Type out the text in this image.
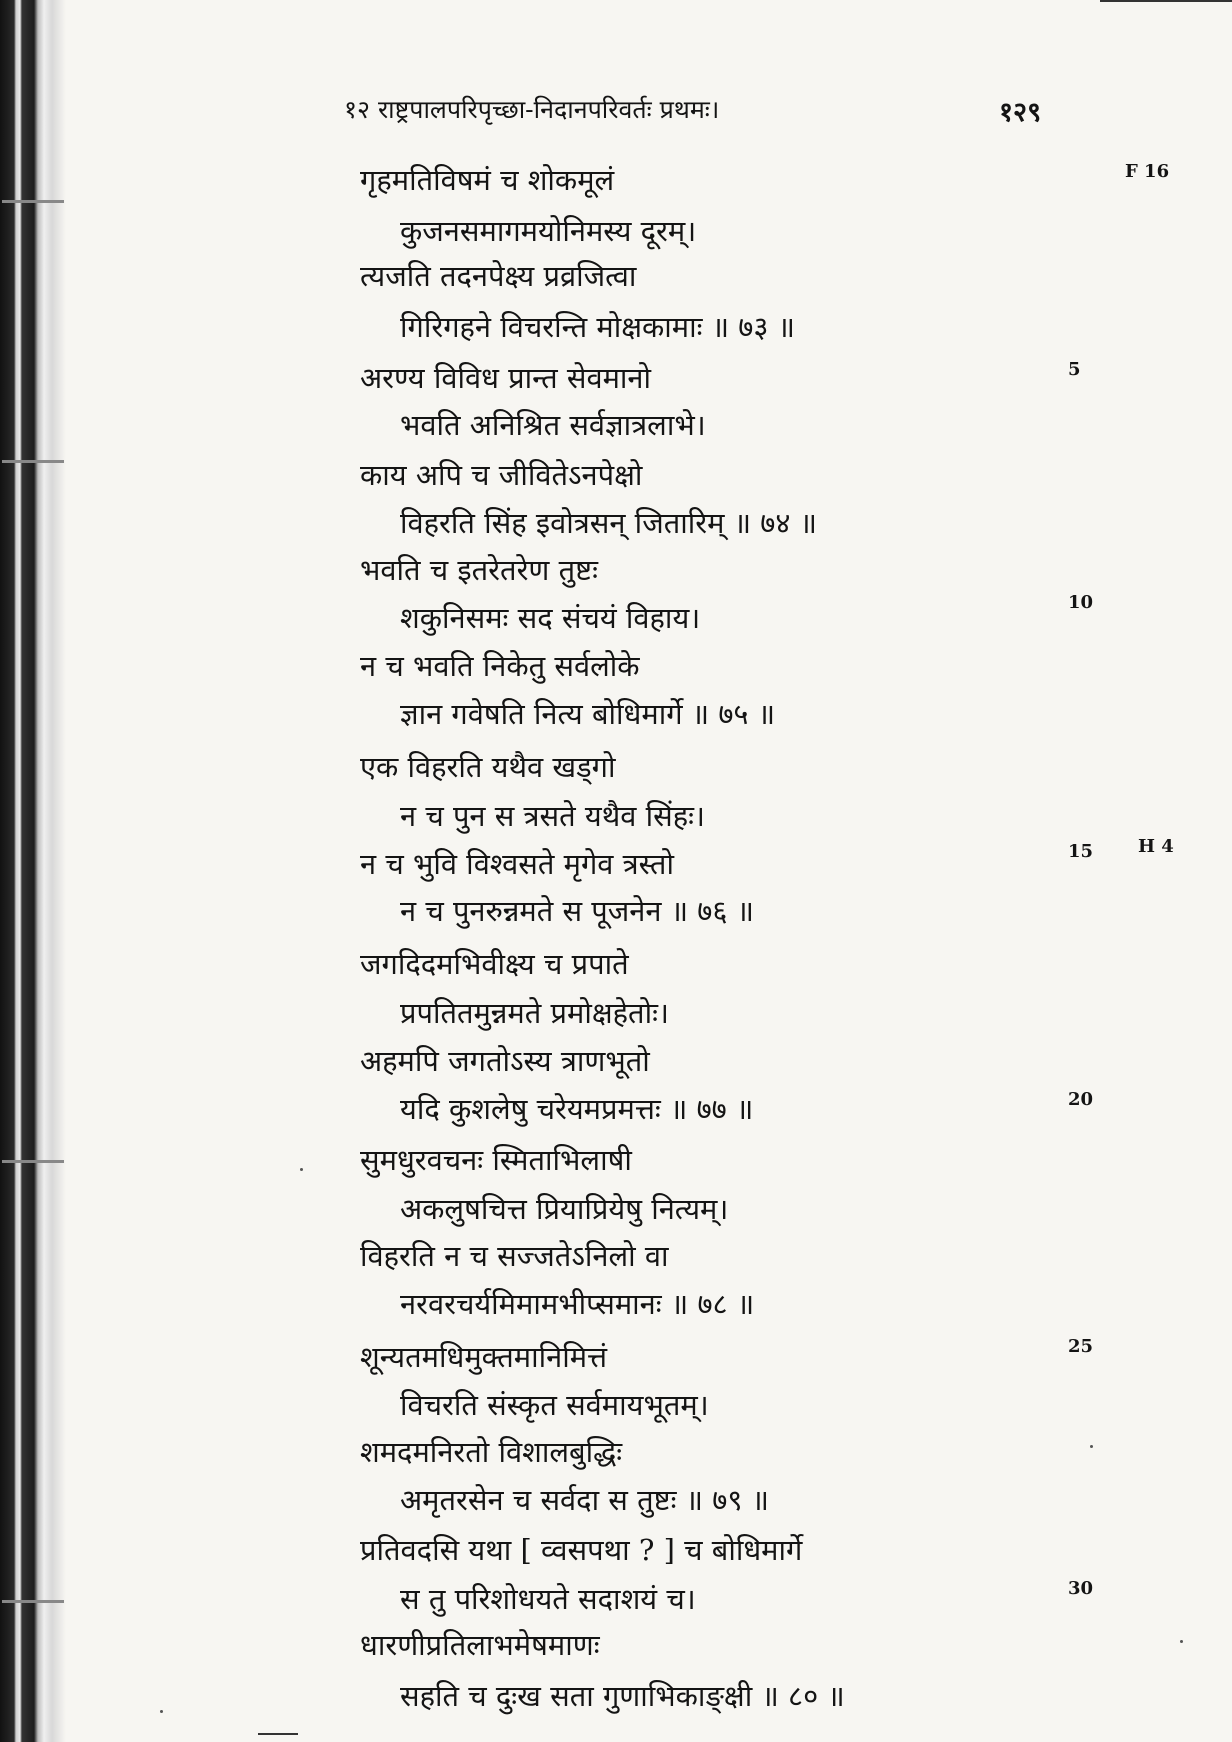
१२ राष्ट्रपालपरिपृच्छा-निदानपरिवर्तः प्रथमः।	१२९
F 16
H 4
5
10
15
20
25
30
गृहमतिविषमं च शोकमूलं
कुजनसमागमयोनिमस्य दूरम्।
त्यजति तदनपेक्ष्य प्रव्रजित्वा
गिरिगहने विचरन्ति मोक्षकामाः ॥ ७३ ॥
अरण्य विविध प्रान्त सेवमानो
भवति अनिश्रित सर्वज्ञात्रलाभे।
काय अपि च जीवितेऽनपेक्षो
विहरति सिंह इवोत्रसन् जितारिम् ॥ ७४ ॥
भवति च इतरेतरेण तुष्टः
शकुनिसमः सद संचयं विहाय।
न च भवति निकेतु सर्वलोके
ज्ञान गवेषति नित्य बोधिमार्गे ॥ ७५ ॥
एक विहरति यथैव खड्गो
न च पुन स त्रसते यथैव सिंहः।
न च भुवि विश्वसते मृगेव त्रस्तो
न च पुनरुन्नमते स पूजनेन ॥ ७६ ॥
जगदिदमभिवीक्ष्य च प्रपाते
प्रपतितमुन्नमते प्रमोक्षहेतोः।
अहमपि जगतोऽस्य त्राणभूतो
यदि कुशलेषु चरेयमप्रमत्तः ॥ ७७ ॥
सुमधुरवचनः स्मिताभिलाषी
अकलुषचित्त प्रियाप्रियेषु नित्यम्।
विहरति न च सज्जतेऽनिलो वा
नरवरचर्यमिमामभीप्समानः ॥ ७८ ॥
शून्यतमधिमुक्तमानिमित्तं
विचरति संस्कृत सर्वमायभूतम्।
शमदमनिरतो विशालबुद्धिः
अमृतरसेन च सर्वदा स तुष्टः ॥ ७९ ॥
प्रतिवदसि यथा [ व्वसपथा ? ] च बोधिमार्गे
स तु परिशोधयते सदाशयं च।
धारणीप्रतिलाभमेषमाणः
सहति च दुःख सता गुणाभिकाङ्क्षी ॥ ८० ॥
